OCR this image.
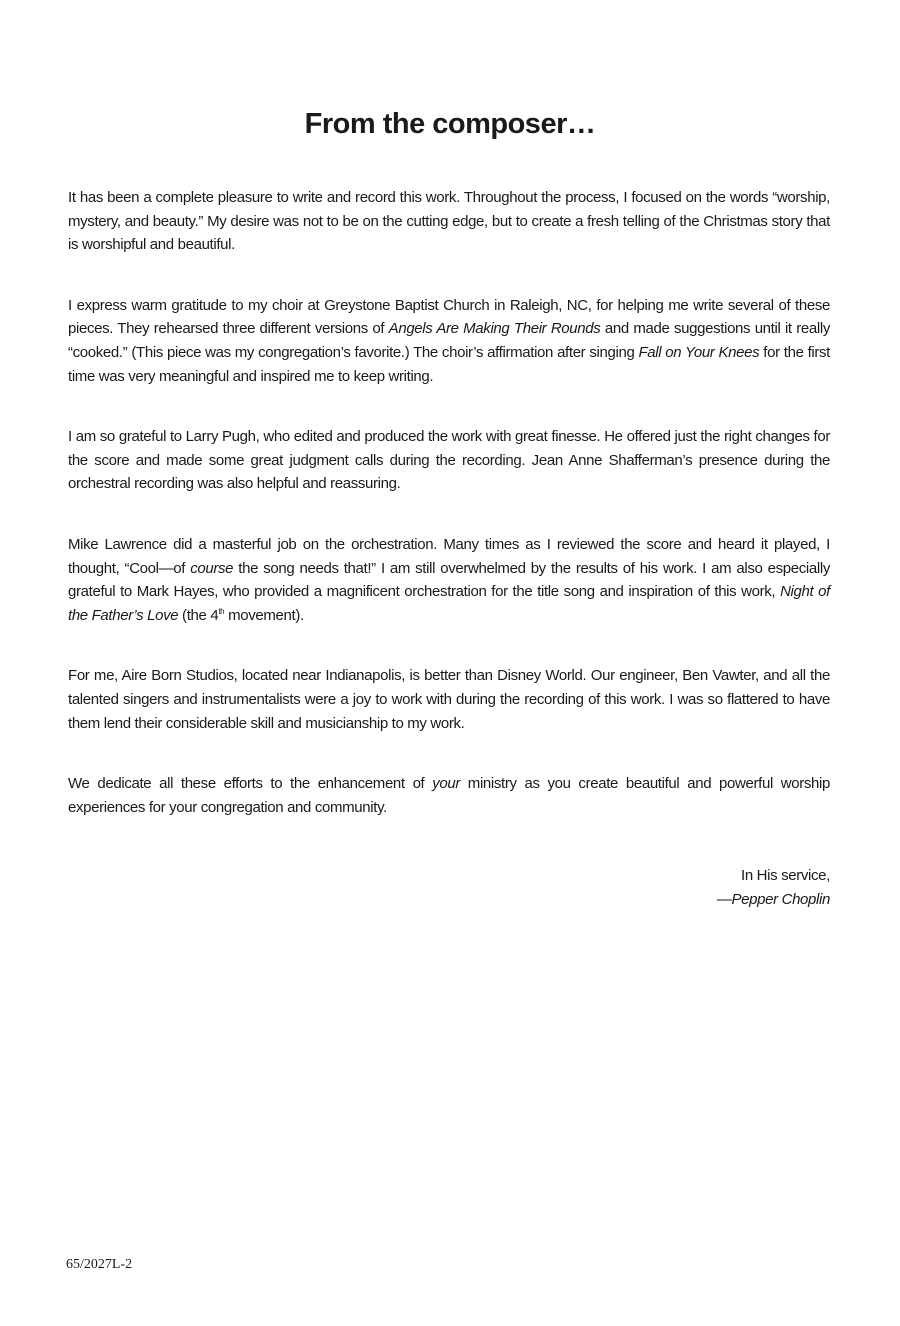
From the composer…

It has been a complete pleasure to write and record this work. Throughout the process, I focused on the words “worship, mystery, and beauty.” My desire was not to be on the cutting edge, but to create a fresh telling of the Christmas story that is worshipful and beautiful.

I express warm gratitude to my choir at Greystone Baptist Church in Raleigh, NC, for helping me write several of these pieces. They rehearsed three different versions of Angels Are Making Their Rounds and made suggestions until it really “cooked.” (This piece was my congregation’s favorite.) The choir’s affirmation after singing Fall on Your Knees for the first time was very meaningful and inspired me to keep writing.

I am so grateful to Larry Pugh, who edited and produced the work with great finesse. He offered just the right changes for the score and made some great judgment calls during the recording. Jean Anne Shafferman’s presence during the orchestral recording was also helpful and reassuring.

Mike Lawrence did a masterful job on the orchestration. Many times as I reviewed the score and heard it played, I thought, “Cool—of course the song needs that!” I am still overwhelmed by the results of his work. I am also especially grateful to Mark Hayes, who provided a magnificent orchestration for the title song and inspiration of this work, Night of the Father’s Love (the 4th movement).

For me, Aire Born Studios, located near Indianapolis, is better than Disney World. Our engineer, Ben Vawter, and all the talented singers and instrumentalists were a joy to work with during the recording of this work. I was so flattered to have them lend their considerable skill and musicianship to my work.

We dedicate all these efforts to the enhancement of your ministry as you create beautiful and powerful worship experiences for your congregation and community.

In His service,
—Pepper Choplin
65/2027L-2
